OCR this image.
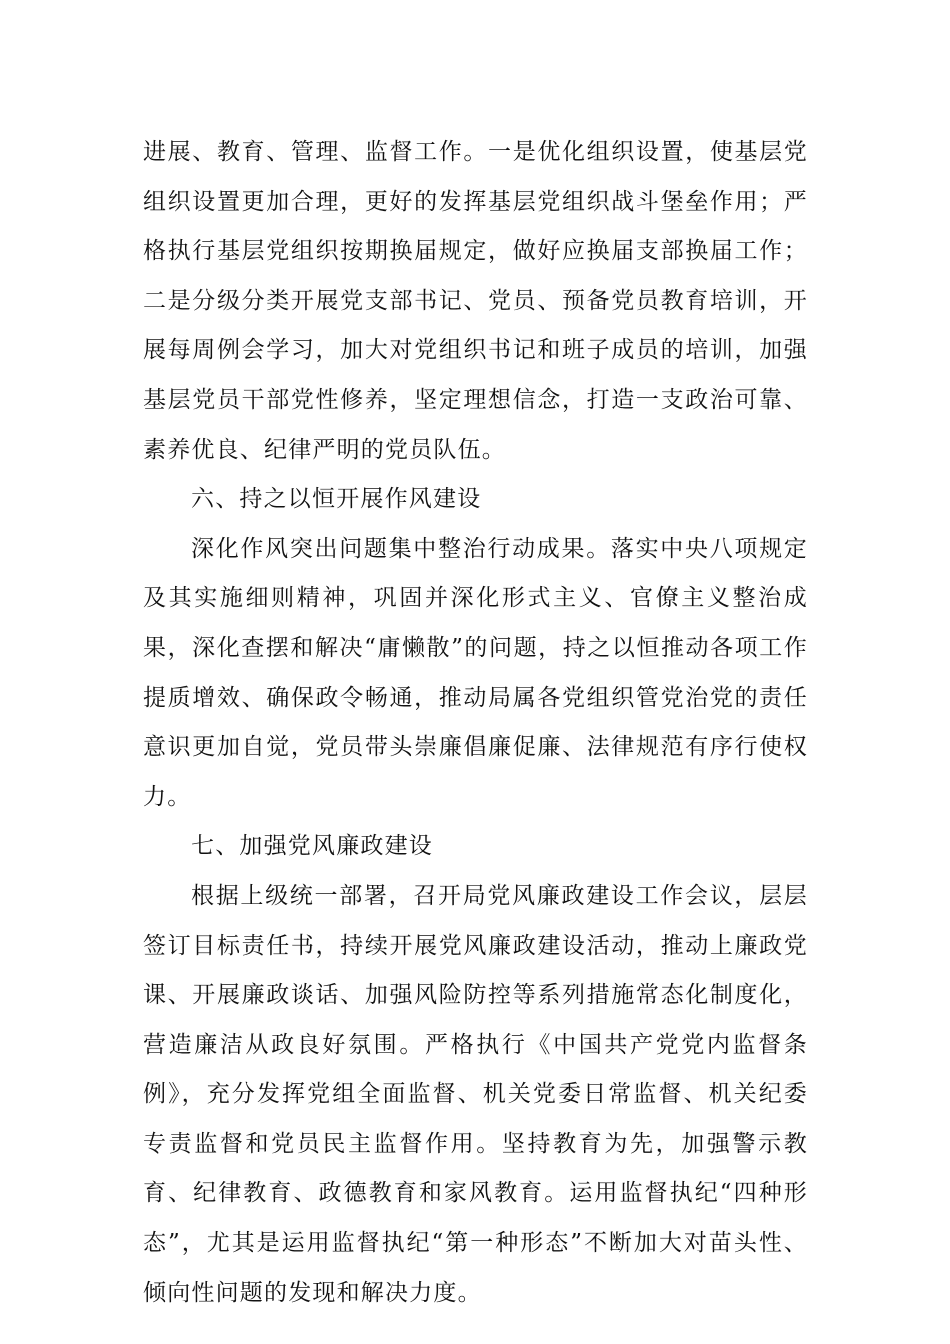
进展、教育、管理、监督工作。一是优化组织设置，使基层党组织设置更加合理，更好的发挥基层党组织战斗堡垒作用；严格执行基层党组织按期换届规定，做好应换届支部换届工作；二是分级分类开展党支部书记、党员、预备党员教育培训，开展每周例会学习，加大对党组织书记和班子成员的培训，加强基层党员干部党性修养，坚定理想信念，打造一支政治可靠、素养优良、纪律严明的党员队伍。

六、持之以恒开展作风建设

深化作风突出问题集中整治行动成果。落实中央八项规定及其实施细则精神，巩固并深化形式主义、官僚主义整治成果，深化查摆和解决“庸懒散”的问题，持之以恒推动各项工作提质增效、确保政令畅通，推动局属各党组织管党治党的责任意识更加自觉，党员带头崇廉倡廉促廉、法律规范有序行使权力。

七、加强党风廉政建设

根据上级统一部署，召开局党风廉政建设工作会议，层层签订目标责任书，持续开展党风廉政建设活动，推动上廉政党课、开展廉政谈话、加强风险防控等系列措施常态化制度化，营造廉洁从政良好氛围。严格执行《中国共产党党内监督条例》，充分发挥党组全面监督、机关党委日常监督、机关纪委专责监督和党员民主监督作用。坚持教育为先，加强警示教育、纪律教育、政德教育和家风教育。运用监督执纪“四种形态”，尤其是运用监督执纪“第一种形态”不断加大对苗头性、倾向性问题的发现和解决力度。
